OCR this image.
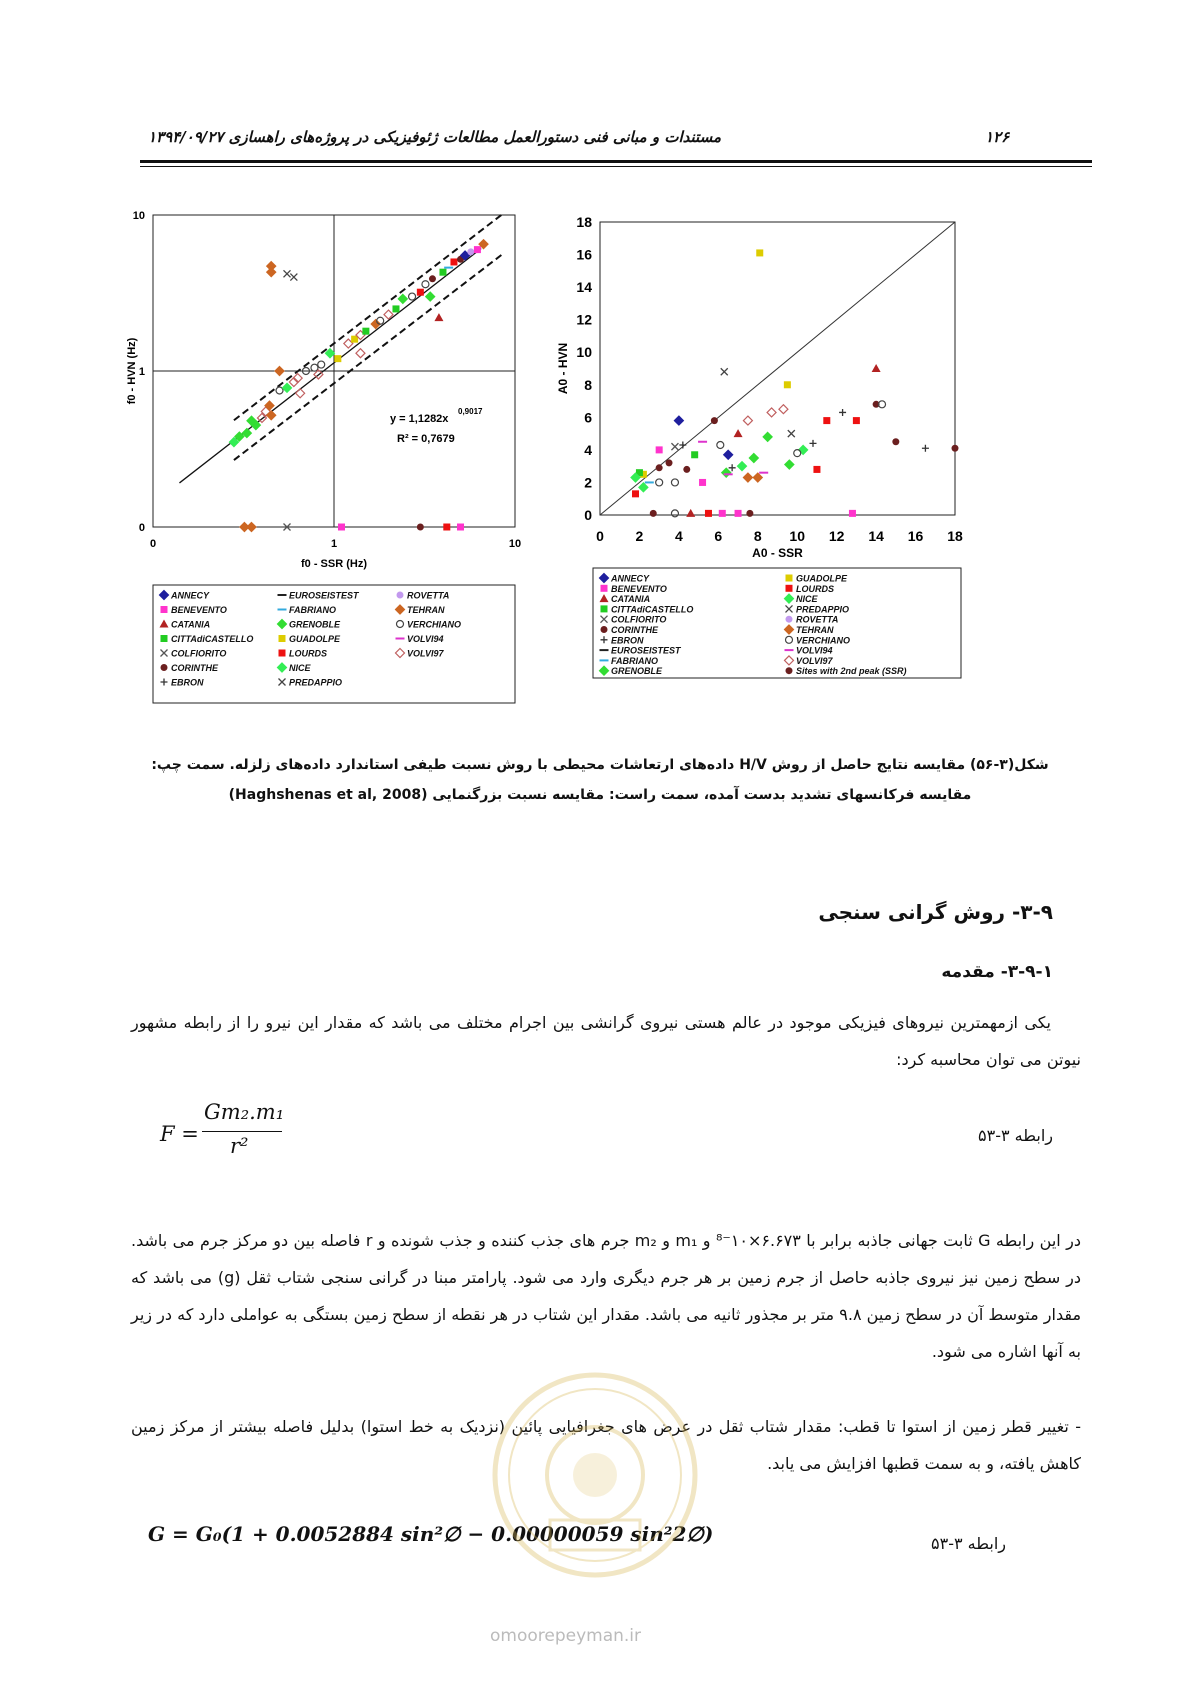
۱۲۶
مستندات و مبانی فنی دستورالعمل مطالعات ژئوفیزیکی در پروژه‌های راهسازی ۱۳۹۴/۰۹/۲۷
0	1	10
0
1
10
f0 - SSR (Hz)
f0 - HVN (Hz)
y = 1,1282x
0,9017
R² = 0,7679
ANNECY
BENEVENTO
CATANIA
CITTAdiCASTELLO
COLFIORITO
CORINTHE
EBRON
EUROSEISTEST
FABRIANO
GRENOBLE
GUADOLPE
LOURDS
NICE
PREDAPPIO
ROVETTA
TEHRAN
VERCHIANO
VOLVI94
VOLVI97
0 2 4 6 8 10 12 14 16 18
0
2
4
6
8
10
12
14
16
18
A0 - SSR
A0 - HVN
ANNECY
BENEVENTO
CATANIA
CITTAdiCASTELLO
COLFIORITO
CORINTHE
EBRON
EUROSEISTEST
FABRIANO
GRENOBLE
GUADOLPE
LOURDS
NICE
PREDAPPIO
ROVETTA
TEHRAN
VERCHIANO
VOLVI94
VOLVI97
Sites with 2nd peak (SSR)
شکل(۳-۵۶) مقایسه نتایج حاصل از روش H/V داده‌های ارتعاشات محیطی با روش نسبت طیفی استاندارد داده‌های زلزله. سمت چپ:
مقایسه فرکانسهای تشدید بدست آمده، سمت راست: مقایسه نسبت بزرگنمایی (Haghshenas et al, 2008)
۳-۹- روش گرانی سنجی
۳-۹-۱- مقدمه
یکی ازمهمترین نیروهای فیزیکی موجود در عالم هستی نیروی گرانشی بین اجرام مختلف می باشد که مقدار این نیرو را از رابطه مشهور نیوتن می توان محاسبه کرد:
رابطه ۳-۵۳
F =
Gm₂.m₁
r²
در این رابطه G ثابت جهانی جاذبه برابر با ۶.۶۷۳×۱۰⁻⁸ و m₁ و m₂ جرم های جذب کننده و جذب شونده و r فاصله بین دو مرکز جرم می باشد. در سطح زمین نیز نیروی جاذبه حاصل از جرم زمین بر هر جرم دیگری وارد می شود. پارامتر مبنا در گرانی سنجی شتاب ثقل (g) می باشد که مقدار متوسط آن در سطح زمین ۹.۸ متر بر مجذور ثانیه می باشد. مقدار این شتاب در هر نقطه از سطح زمین بستگی به عواملی دارد که در زیر به آنها اشاره می شود.
- تغییر قطر زمین از استوا تا قطب: مقدار شتاب ثقل در عرض های جغرافیایی پائین (نزدیک به خط استوا) بدلیل فاصله بیشتر از مرکز زمین کاهش یافته، و به سمت قطبها افزایش می یابد.
G = G₀(1 + 0.0052884 sin²∅ − 0.00000059 sin²2∅)	رابطه ۳-۵۳
omoorepeyman.ir
